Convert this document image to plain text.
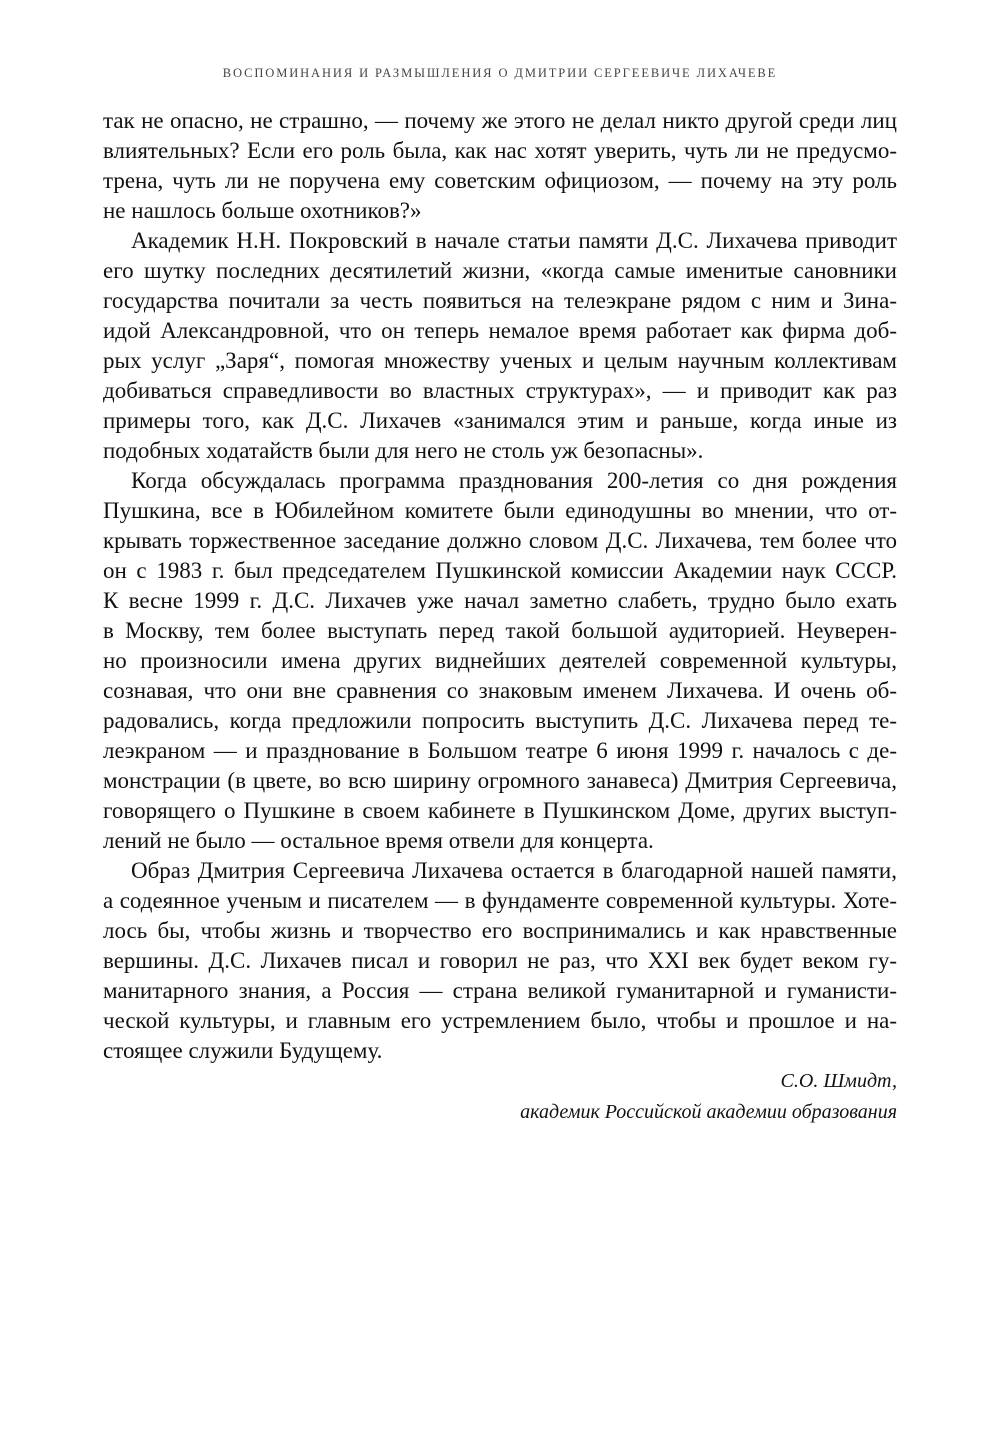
ВОСПОМИНАНИЯ И РАЗМЫШЛЕНИЯ О ДМИТРИИ СЕРГЕЕВИЧЕ ЛИХАЧЕВЕ
так не опасно, не страшно, — почему же этого не делал никто другой среди лиц
влиятельных? Если его роль была, как нас хотят уверить, чуть ли не предусмо-
трена, чуть ли не поручена ему советским официозом, — почему на эту роль
не нашлось больше охотников?»
Академик Н.Н. Покровский в начале статьи памяти Д.С. Лихачева приводит
его шутку последних десятилетий жизни, «когда самые именитые сановники
государства почитали за честь появиться на телеэкране рядом с ним и Зина-
идой Александровной, что он теперь немалое время работает как фирма доб-
рых услуг „Заря“, помогая множеству ученых и целым научным коллективам
добиваться справедливости во властных структурах», — и приводит как раз
примеры того, как Д.С. Лихачев «занимался этим и раньше, когда иные из
подобных ходатайств были для него не столь уж безопасны».
Когда обсуждалась программа празднования 200-летия со дня рождения
Пушкина, все в Юбилейном комитете были единодушны во мнении, что от-
крывать торжественное заседание должно словом Д.С. Лихачева, тем более что
он с 1983 г. был председателем Пушкинской комиссии Академии наук СССР.
К весне 1999 г. Д.С. Лихачев уже начал заметно слабеть, трудно было ехать
в Москву, тем более выступать перед такой большой аудиторией. Неуверен-
но произносили имена других виднейших деятелей современной культуры,
сознавая, что они вне сравнения со знаковым именем Лихачева. И очень об-
радовались, когда предложили попросить выступить Д.С. Лихачева перед те-
леэкраном — и празднование в Большом театре 6 июня 1999 г. началось с де-
монстрации (в цвете, во всю ширину огромного занавеса) Дмитрия Сергеевича,
говорящего о Пушкине в своем кабинете в Пушкинском Доме, других выступ-
лений не было — остальное время отвели для концерта.
Образ Дмитрия Сергеевича Лихачева остается в благодарной нашей памяти,
а содеянное ученым и писателем — в фундаменте современной культуры. Хоте-
лось бы, чтобы жизнь и творчество его воспринимались и как нравственные
вершины. Д.С. Лихачев писал и говорил не раз, что XXI век будет веком гу-
манитарного знания, а Россия — страна великой гуманитарной и гуманисти-
ческой культуры, и главным его устремлением было, чтобы и прошлое и на-
стоящее служили Будущему.
С.О. Шмидт,
академик Российской академии образования
